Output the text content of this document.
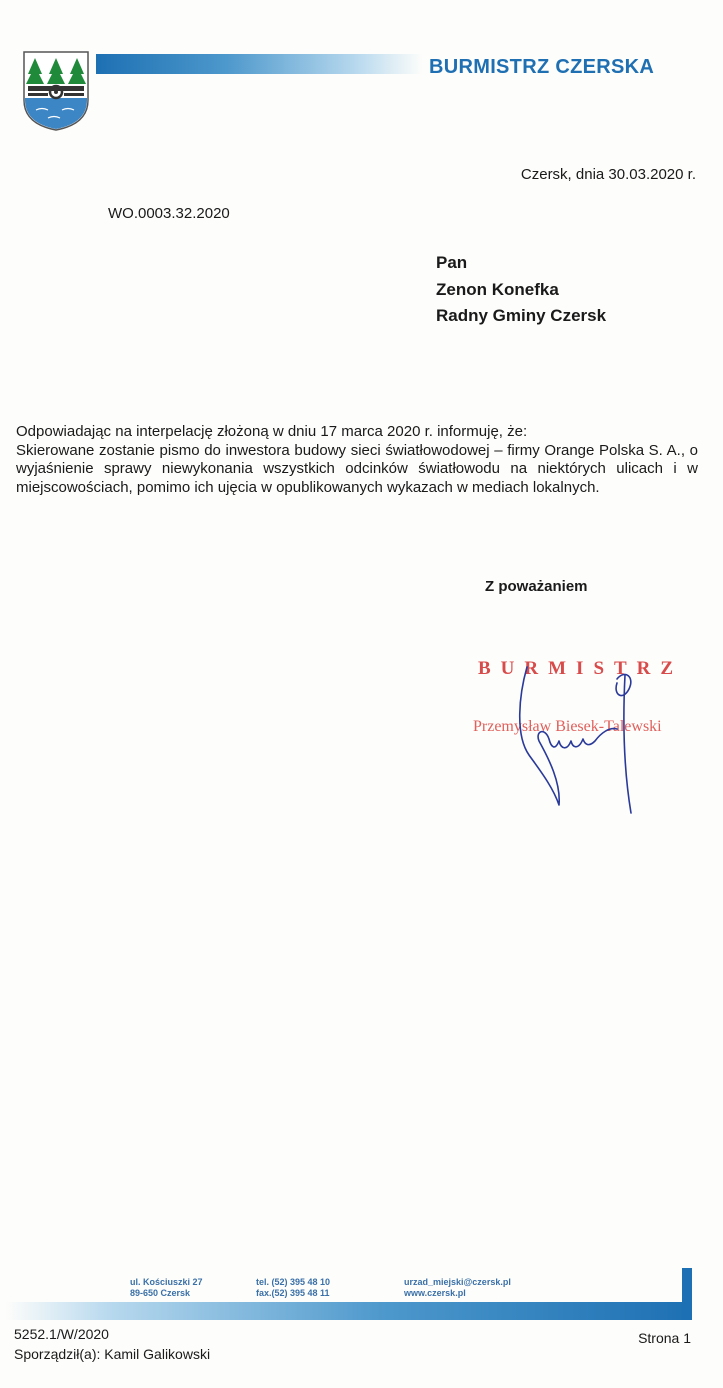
BURMISTRZ CZERSKA
Czersk, dnia 30.03.2020 r.
WO.0003.32.2020
Pan
Zenon Konefka
Radny Gminy Czersk

Odpowiadając na interpelację złożoną w dniu 17 marca 2020 r. informuję, że:

Skierowane zostanie pismo do inwestora budowy sieci światłowodowej – firmy Orange Polska S. A., o wyjaśnienie sprawy niewykonania wszystkich odcinków światłowodu na niektórych ulicach i w miejscowościach, pomimo ich ujęcia w opublikowanych wykazach w mediach lokalnych.

Z poważaniem
BURMISTRZ
Przemysław Biesek-Talewski
ul. Kościuszki 27
89-650 Czersk
tel. (52) 395 48 10
fax.(52) 395 48 11
urzad_miejski@czersk.pl
www.czersk.pl
5252.1/W/2020
Sporządził(a): Kamil Galikowski
Strona 1
